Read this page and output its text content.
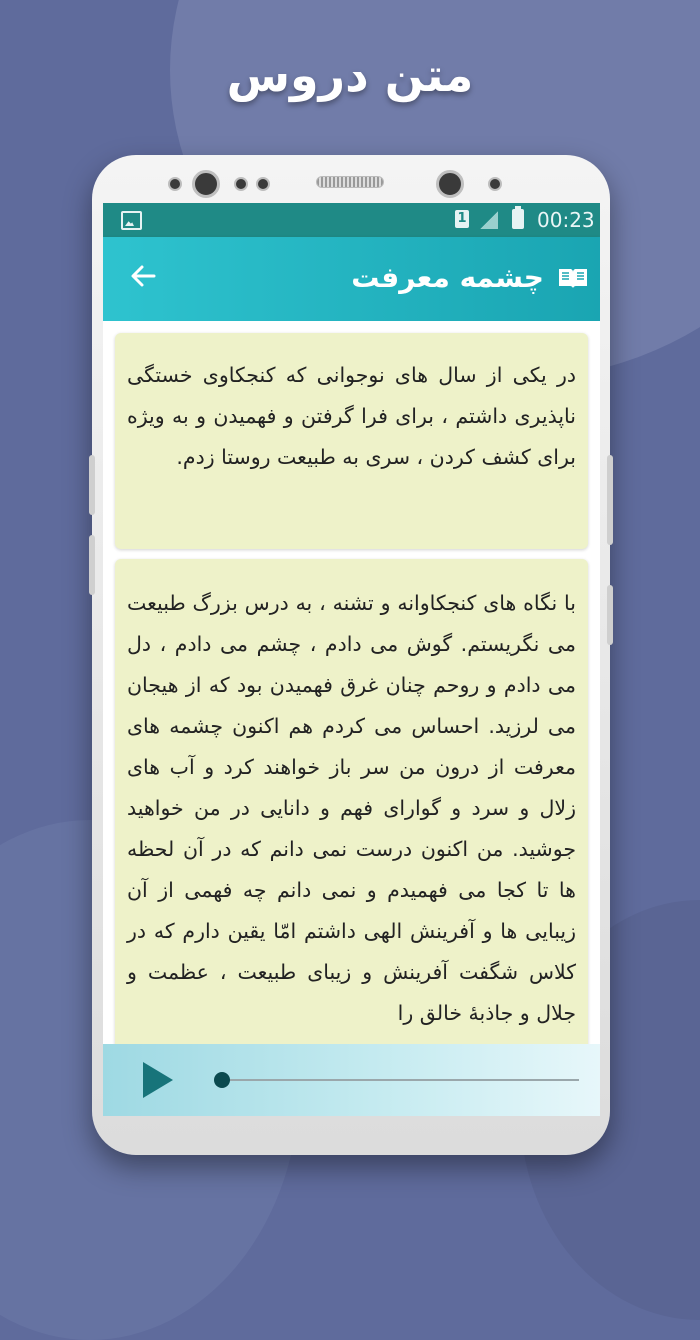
متن دروس
1	00:23
چشمه معرفت
در یکی از سال های نوجوانی که کنجکاوی خستگی ناپذیری داشتم ، برای فرا گرفتن و فهمیدن و به ویژه برای کشف کردن ، سری به طبیعت روستا زدم.
با نگاه های کنجکاوانه و تشنه ، به درس بزرگ طبیعت می نگریستم. گوش می دادم ، چشم می دادم ، دل می دادم و روحم چنان غرق فهمیدن بود که از هیجان می لرزید. احساس می کردم هم اکنون چشمه های معرفت از درون من سر باز خواهند کرد و آب های زلال و سرد و گوارای فهم و دانایی در من خواهید جوشید. من اکنون درست نمی دانم که در آن لحظه ها تا کجا می فهمیدم و نمی دانم چه فهمی از آن زیبایی ها و آفرینش الهی داشتم امّا یقین دارم که در کلاس شگفت آفرینش و زیبای طبیعت ، عظمت و جلال و جاذبهٔ خالق را
